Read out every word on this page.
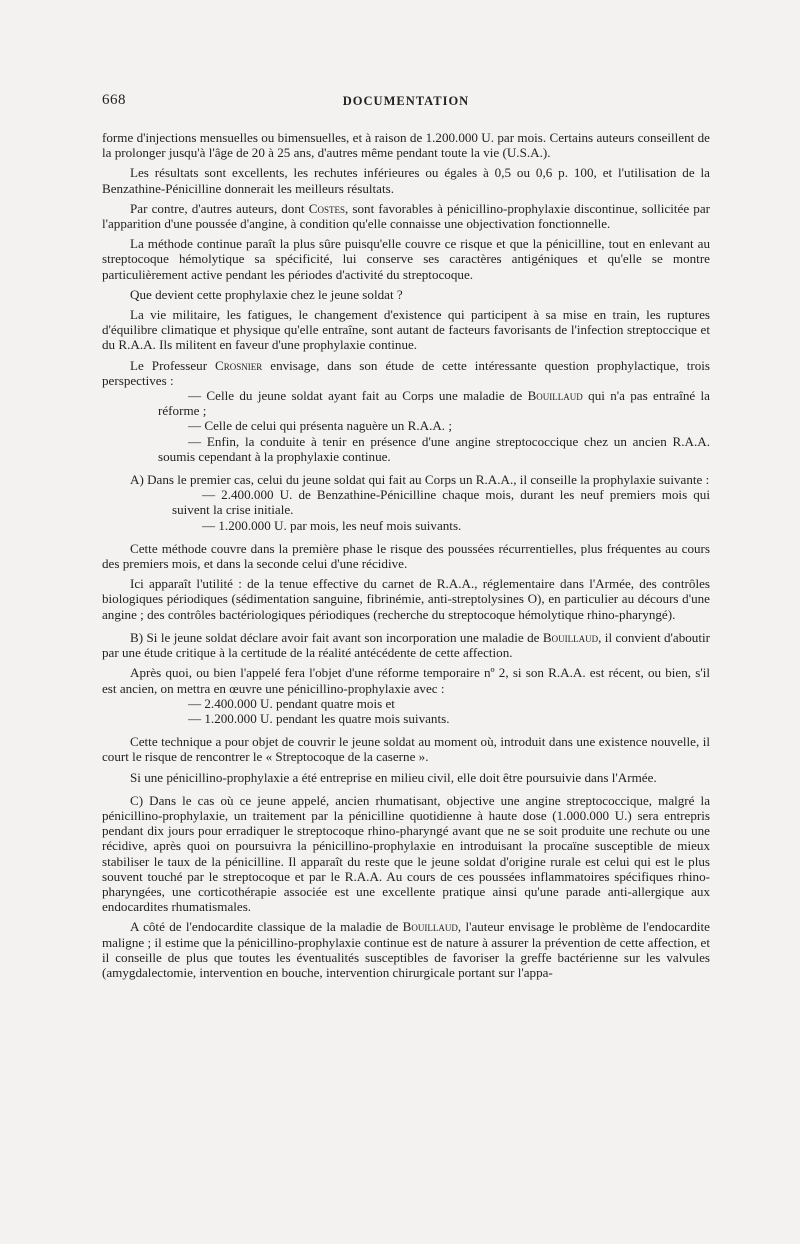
668	DOCUMENTATION

forme d'injections mensuelles ou bimensuelles, et à raison de 1.200.000 U. par mois. Certains auteurs conseillent de la prolonger jusqu'à l'âge de 20 à 25 ans, d'autres même pendant toute la vie (U.S.A.).

Les résultats sont excellents, les rechutes inférieures ou égales à 0,5 ou 0,6 p. 100, et l'utilisation de la Benzathine-Pénicilline donnerait les meilleurs résultats.

Par contre, d'autres auteurs, dont Costes, sont favorables à pénicillino-prophylaxie discontinue, sollicitée par l'apparition d'une poussée d'angine, à condition qu'elle connaisse une objectivation fonctionnelle.

La méthode continue paraît la plus sûre puisqu'elle couvre ce risque et que la pénicilline, tout en enlevant au streptocoque hémolytique sa spécificité, lui conserve ses caractères antigéniques et qu'elle se montre particulièrement active pendant les périodes d'activité du streptocoque.

Que devient cette prophylaxie chez le jeune soldat ?

La vie militaire, les fatigues, le changement d'existence qui participent à sa mise en train, les ruptures d'équilibre climatique et physique qu'elle entraîne, sont autant de facteurs favorisants de l'infection streptoccique et du R.A.A. Ils militent en faveur d'une prophylaxie continue.

Le Professeur Crosnier envisage, dans son étude de cette intéressante question prophylactique, trois perspectives :

— Celle du jeune soldat ayant fait au Corps une maladie de Bouillaud qui n'a pas entraîné la réforme ;

— Celle de celui qui présenta naguère un R.A.A. ;

— Enfin, la conduite à tenir en présence d'une angine streptococcique chez un ancien R.A.A. soumis cependant à la prophylaxie continue.

A) Dans le premier cas, celui du jeune soldat qui fait au Corps un R.A.A., il conseille la prophylaxie suivante :

— 2.400.000 U. de Benzathine-Pénicilline chaque mois, durant les neuf premiers mois qui suivent la crise initiale.

— 1.200.000 U. par mois, les neuf mois suivants.

Cette méthode couvre dans la première phase le risque des poussées récurrentielles, plus fréquentes au cours des premiers mois, et dans la seconde celui d'une récidive.

Ici apparaît l'utilité : de la tenue effective du carnet de R.A.A., réglementaire dans l'Armée, des contrôles biologiques périodiques (sédimentation sanguine, fibrinémie, anti-streptolysines O), en particulier au décours d'une angine ; des contrôles bactériologiques périodiques (recherche du streptocoque hémolytique rhino-pharyngé).

B) Si le jeune soldat déclare avoir fait avant son incorporation une maladie de Bouillaud, il convient d'aboutir par une étude critique à la certitude de la réalité antécédente de cette affection.

Après quoi, ou bien l'appelé fera l'objet d'une réforme temporaire nº 2, si son R.A.A. est récent, ou bien, s'il est ancien, on mettra en œuvre une pénicillino-prophylaxie avec :

— 2.400.000 U. pendant quatre mois et

— 1.200.000 U. pendant les quatre mois suivants.

Cette technique a pour objet de couvrir le jeune soldat au moment où, introduit dans une existence nouvelle, il court le risque de rencontrer le « Streptocoque de la caserne ».

Si une pénicillino-prophylaxie a été entreprise en milieu civil, elle doit être poursuivie dans l'Armée.

C) Dans le cas où ce jeune appelé, ancien rhumatisant, objective une angine streptococcique, malgré la pénicillino-prophylaxie, un traitement par la pénicilline quotidienne à haute dose (1.000.000 U.) sera entrepris pendant dix jours pour erradiquer le streptocoque rhino-pharyngé avant que ne se soit produite une rechute ou une récidive, après quoi on poursuivra la pénicillino-prophylaxie en introduisant la procaïne susceptible de mieux stabiliser le taux de la pénicilline. Il apparaît du reste que le jeune soldat d'origine rurale est celui qui est le plus souvent touché par le streptocoque et par le R.A.A. Au cours de ces poussées inflammatoires spécifiques rhino-pharyngées, une corticothérapie associée est une excellente pratique ainsi qu'une parade anti-allergique aux endocardites rhumatismales.

A côté de l'endocardite classique de la maladie de Bouillaud, l'auteur envisage le problème de l'endocardite maligne ; il estime que la pénicillino-prophylaxie continue est de nature à assurer la prévention de cette affection, et il conseille de plus que toutes les éventualités susceptibles de favoriser la greffe bactérienne sur les valvules (amygdalectomie, intervention en bouche, intervention chirurgicale portant sur l'appa-
